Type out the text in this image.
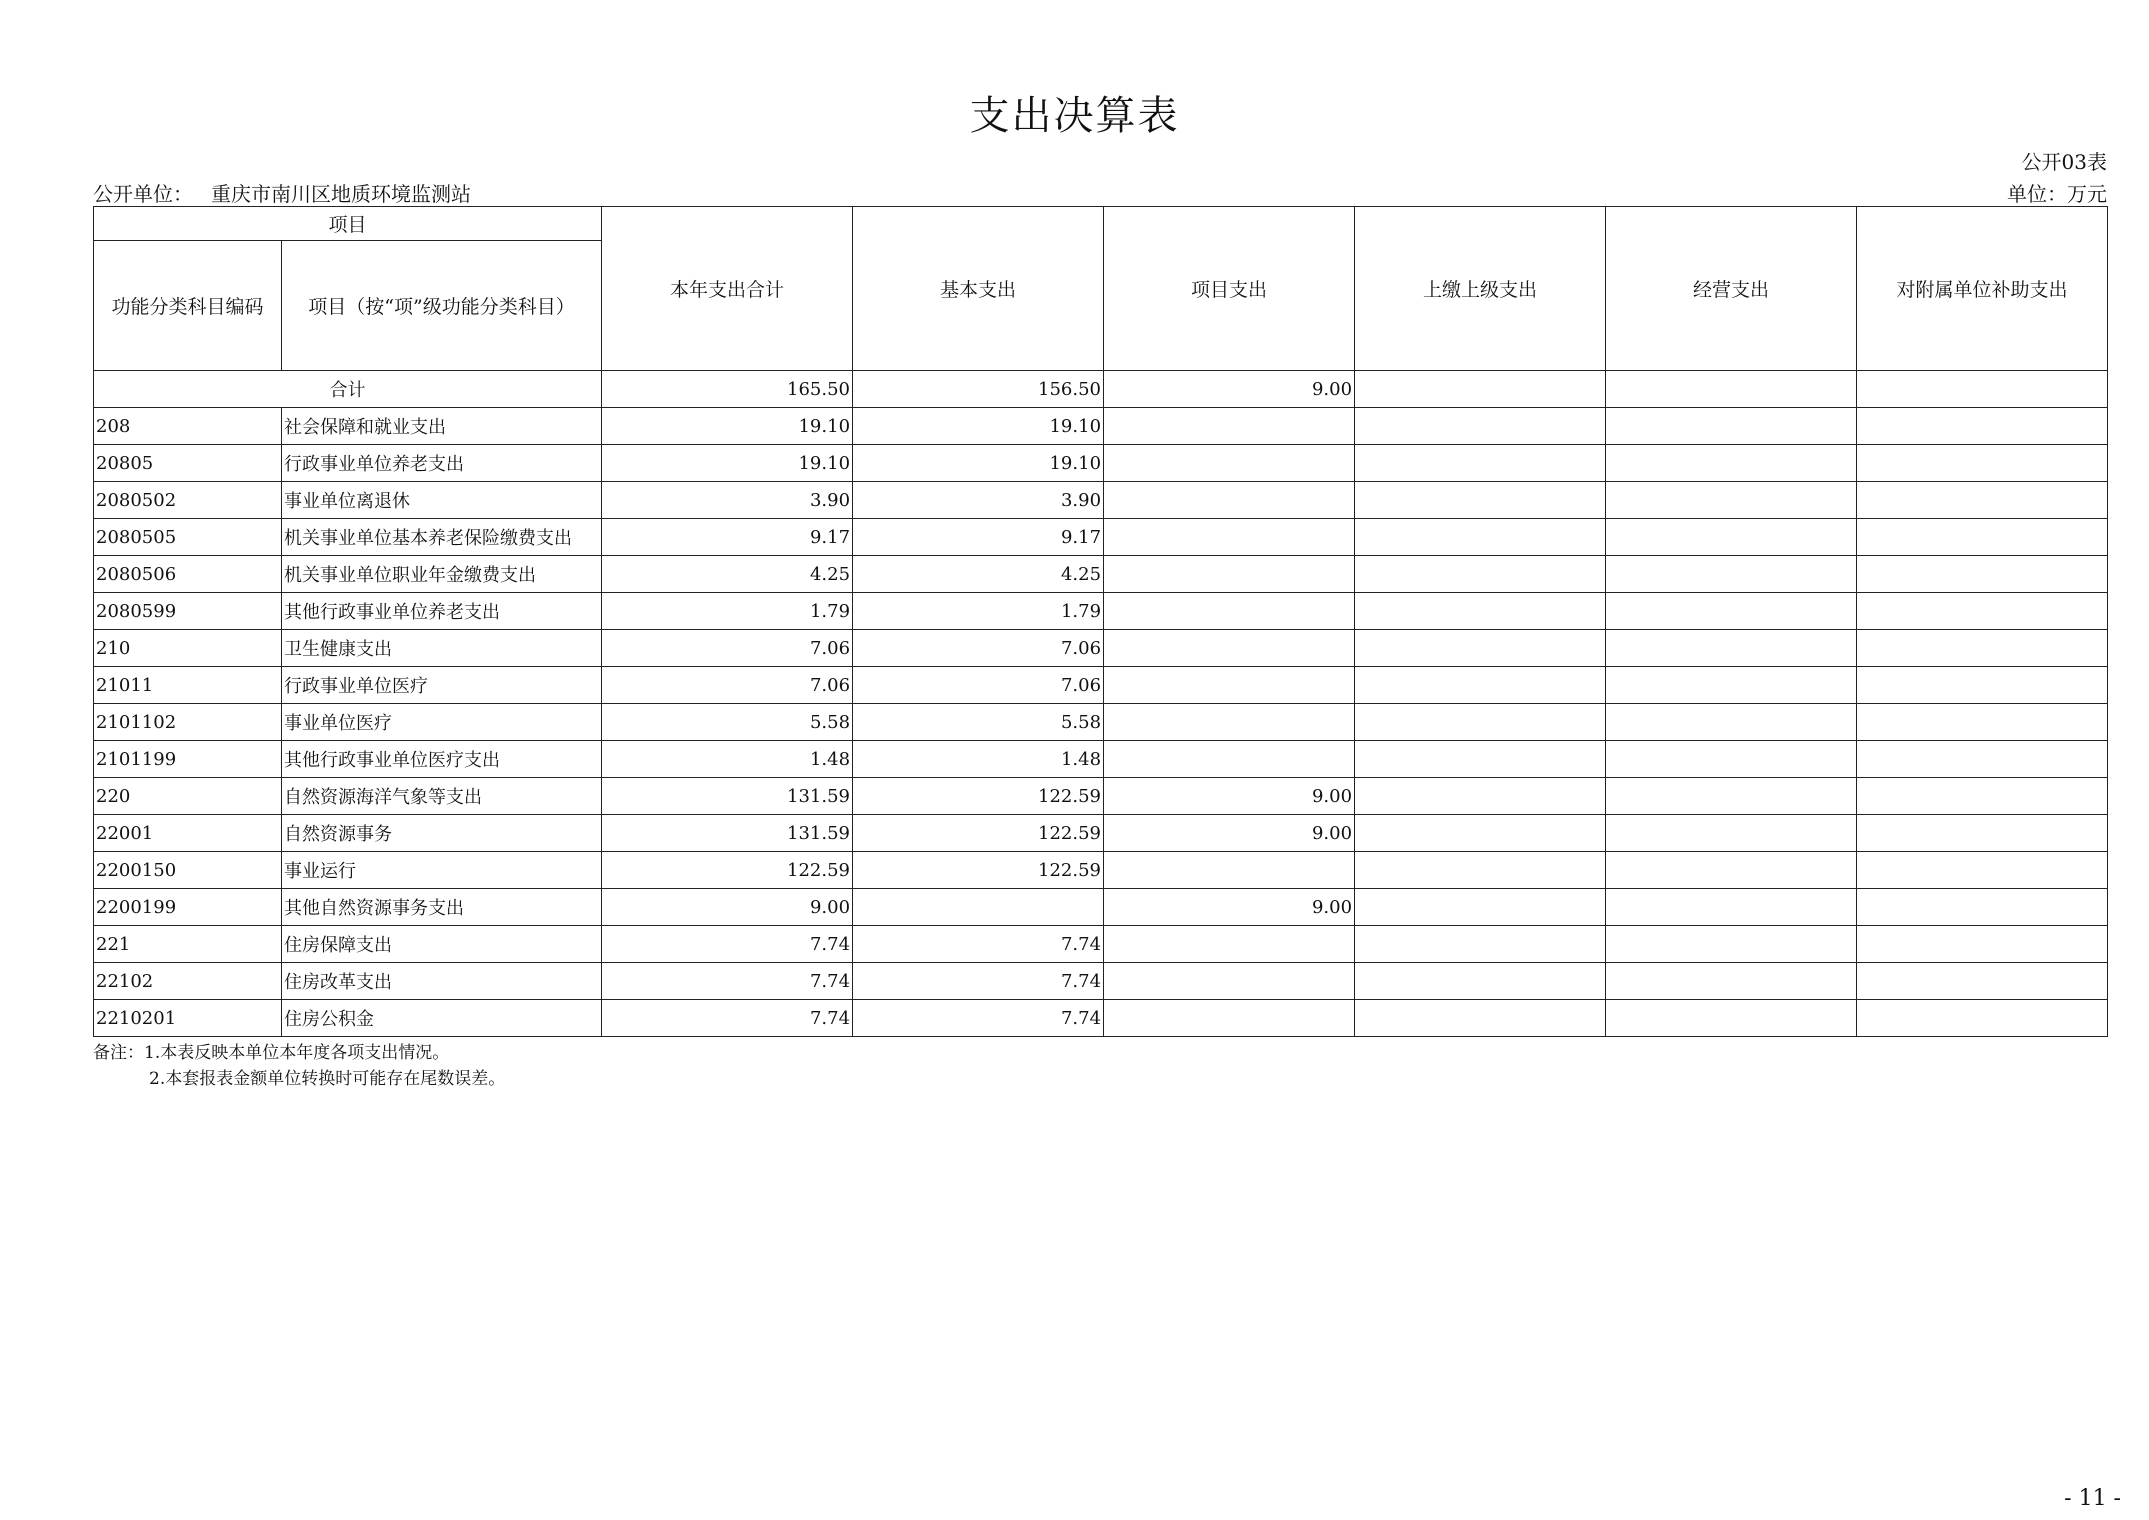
支出决算表
公开03表
公开单位： 重庆市南川区地质环境监测站	单位：万元
项目		本年支出合计	基本支出	项目支出	上缴上级支出	经营支出	对附属单位补助支出
功能分类科目编码	项目（按“项”级功能分类科目）						
合计		165.50	156.50	9.00			
208	社会保障和就业支出	19.10	19.10				
20805	行政事业单位养老支出	19.10	19.10				
2080502	事业单位离退休	3.90	3.90				
2080505	机关事业单位基本养老保险缴费支出	9.17	9.17				
2080506	机关事业单位职业年金缴费支出	4.25	4.25				
2080599	其他行政事业单位养老支出	1.79	1.79				
210	卫生健康支出	7.06	7.06				
21011	行政事业单位医疗	7.06	7.06				
2101102	事业单位医疗	5.58	5.58				
2101199	其他行政事业单位医疗支出	1.48	1.48				
220	自然资源海洋气象等支出	131.59	122.59	9.00			
22001	自然资源事务	131.59	122.59	9.00			
2200150	事业运行	122.59	122.59				
2200199	其他自然资源事务支出	9.00		9.00			
221	住房保障支出	7.74	7.74				
22102	住房改革支出	7.74	7.74				
2210201	住房公积金	7.74	7.74				
备注：1.本表反映本单位本年度各项支出情况。
2.本套报表金额单位转换时可能存在尾数误差。
- 11 -
